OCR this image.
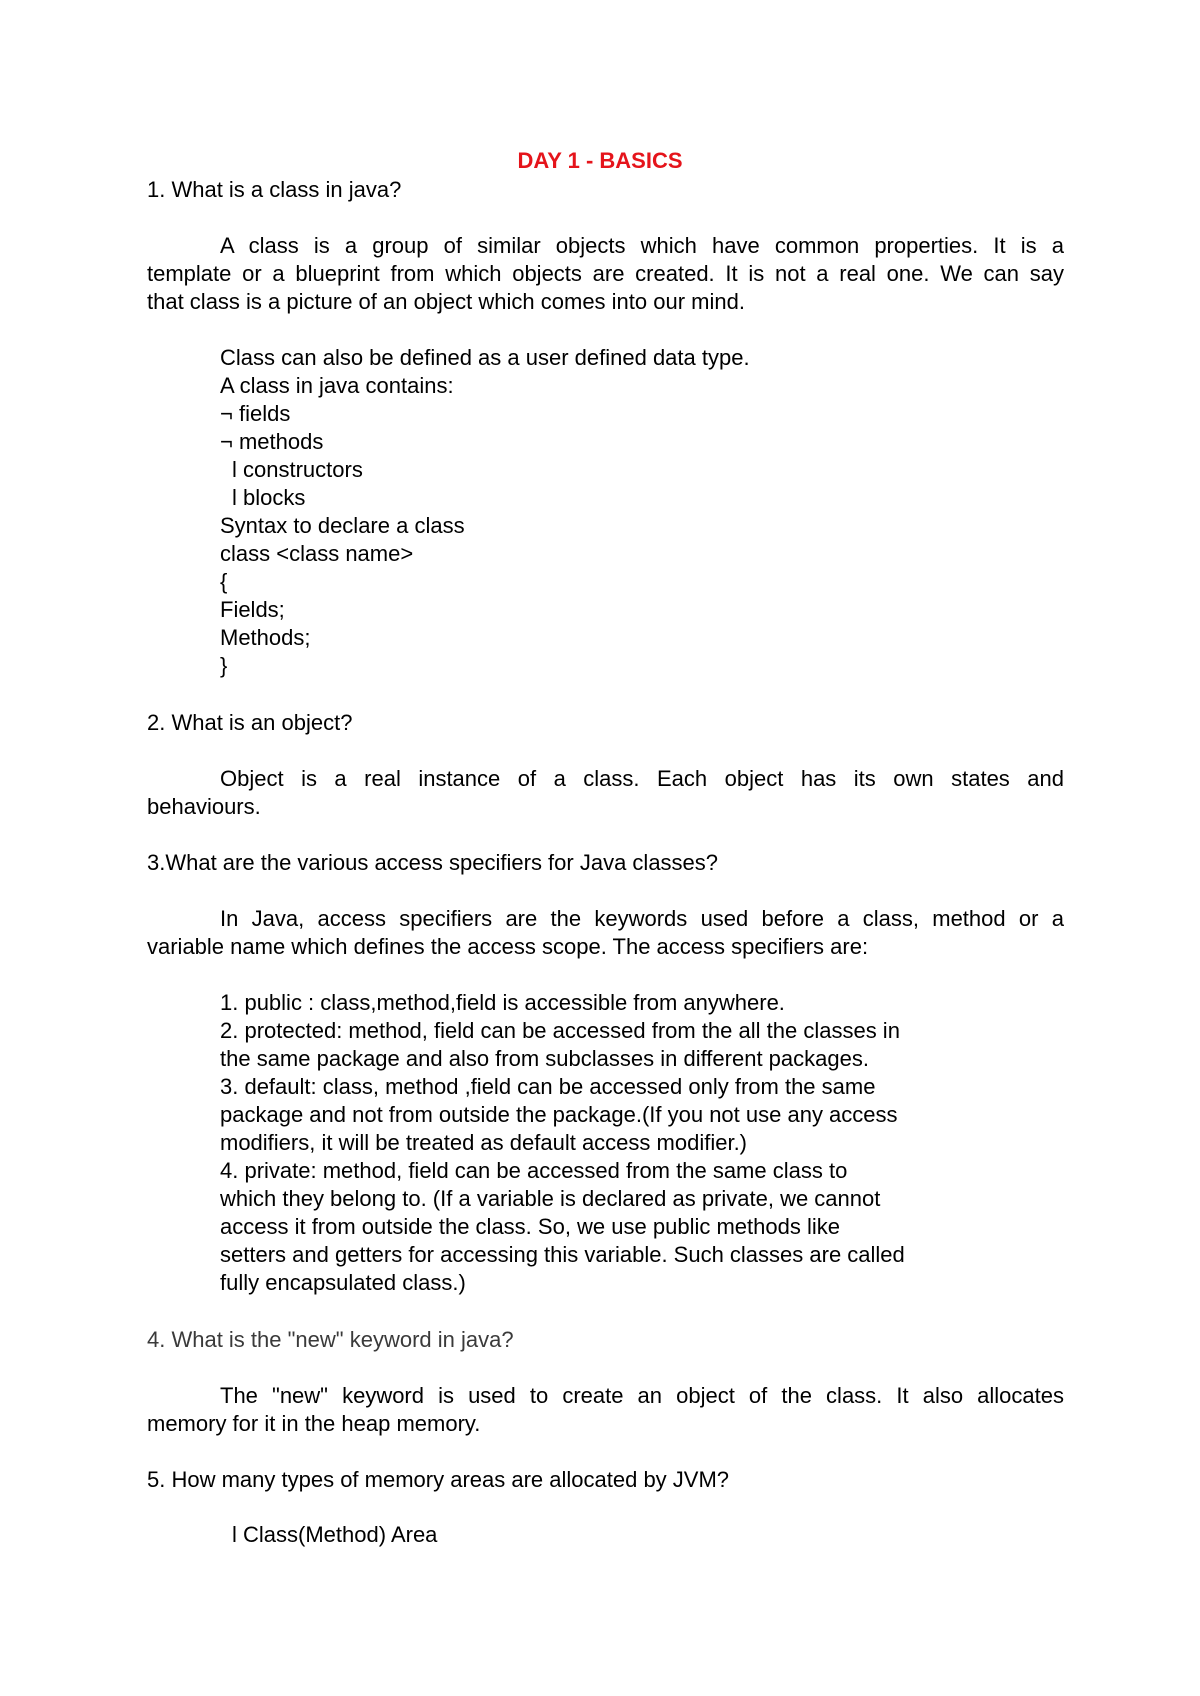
DAY 1 - BASICS
1. What is a class in java?
A class is a group of similar objects which have common properties. It is a
template or a blueprint from which objects are created. It is not a real one. We can say
that class is a picture of an object which comes into our mind.
Class can also be defined as a user defined data type.
A class in java contains:
¬ fields
¬ methods
l constructors
l blocks
Syntax to declare a class
class <class name>
{
Fields;
Methods;
}
2. What is an object?
Object is a real instance of a class. Each object has its own states and
behaviours.
3.What are the various access specifiers for Java classes?
In Java, access specifiers are the keywords used before a class, method or a
variable name which defines the access scope. The access specifiers are:
1. public : class,method,field is accessible from anywhere.
2. protected: method, field can be accessed from the all the classes in
the same package and also from subclasses in different packages.
3. default: class, method ,field can be accessed only from the same
package and not from outside the package.(If you not use any access
modifiers, it will be treated as default access modifier.)
4. private: method, field can be accessed from the same class to
which they belong to. (If a variable is declared as private, we cannot
access it from outside the class. So, we use public methods like
setters and getters for accessing this variable. Such classes are called
fully encapsulated class.)
4. What is the "new" keyword in java?
The "new" keyword is used to create an object of the class. It also allocates
memory for it in the heap memory.
5. How many types of memory areas are allocated by JVM?
l Class(Method) Area
